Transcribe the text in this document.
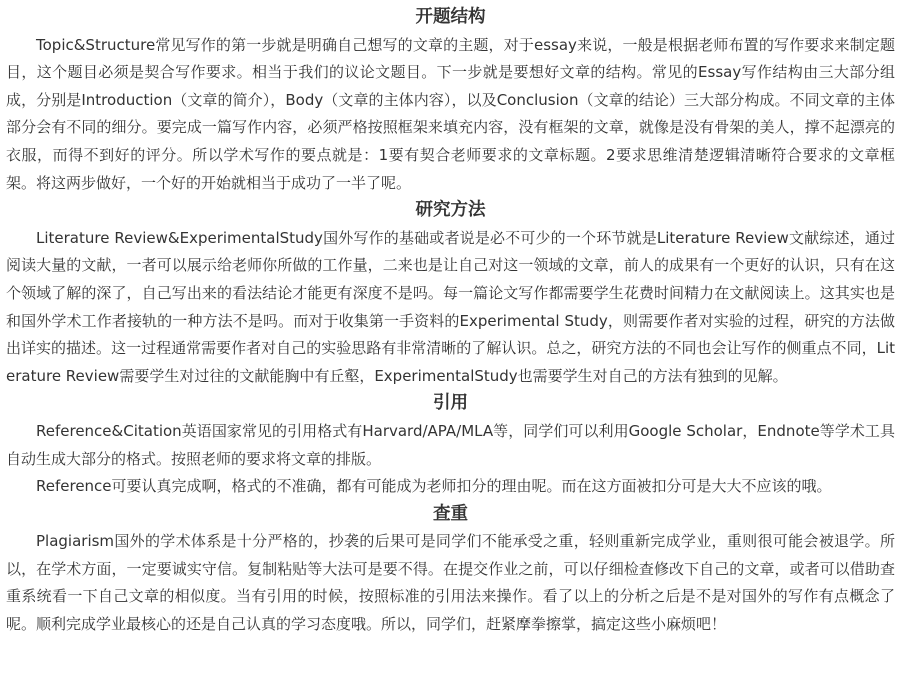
开题结构

Topic&Structure常见写作的第一步就是明确自己想写的文章的主题，对于essay来说，一般是根据老师布置的写作要求来制定题目，这个题目必须是契合写作要求。相当于我们的议论文题目。下一步就是要想好文章的结构。常见的Essay写作结构由三大部分组成，分别是Introduction（文章的简介），Body（文章的主体内容），以及Conclusion（文章的结论）三大部分构成。不同文章的主体部分会有不同的细分。要完成一篇写作内容，必须严格按照框架来填充内容，没有框架的文章，就像是没有骨架的美人，撑不起漂亮的衣服，而得不到好的评分。所以学术写作的要点就是：1要有契合老师要求的文章标题。2要求思维清楚逻辑清晰符合要求的文章框架。将这两步做好，一个好的开始就相当于成功了一半了呢。

研究方法

Literature Review&ExperimentalStudy国外写作的基础或者说是必不可少的一个环节就是Literature Review文献综述，通过阅读大量的文献，一者可以展示给老师你所做的工作量，二来也是让自己对这一领域的文章，前人的成果有一个更好的认识，只有在这个领域了解的深了，自己写出来的看法结论才能更有深度不是吗。每一篇论文写作都需要学生花费时间精力在文献阅读上。这其实也是和国外学术工作者接轨的一种方法不是吗。而对于收集第一手资料的Experimental Study，则需要作者对实验的过程，研究的方法做出详实的描述。这一过程通常需要作者对自己的实验思路有非常清晰的了解认识。总之，研究方法的不同也会让写作的侧重点不同，Literature Review需要学生对过往的文献能胸中有丘壑，ExperimentalStudy也需要学生对自己的方法有独到的见解。

引用

Reference&Citation英语国家常见的引用格式有Harvard/APA/MLA等，同学们可以利用Google Scholar，Endnote等学术工具自动生成大部分的格式。按照老师的要求将文章的排版。

Reference可要认真完成啊，格式的不准确，都有可能成为老师扣分的理由呢。而在这方面被扣分可是大大不应该的哦。

查重

Plagiarism国外的学术体系是十分严格的，抄袭的后果可是同学们不能承受之重，轻则重新完成学业，重则很可能会被退学。所以，在学术方面，一定要诚实守信。复制粘贴等大法可是要不得。在提交作业之前，可以仔细检查修改下自己的文章，或者可以借助查重系统看一下自己文章的相似度。当有引用的时候，按照标准的引用法来操作。看了以上的分析之后是不是对国外的写作有点概念了呢。顺利完成学业最核心的还是自己认真的学习态度哦。所以，同学们，赶紧摩拳擦掌，搞定这些小麻烦吧！
